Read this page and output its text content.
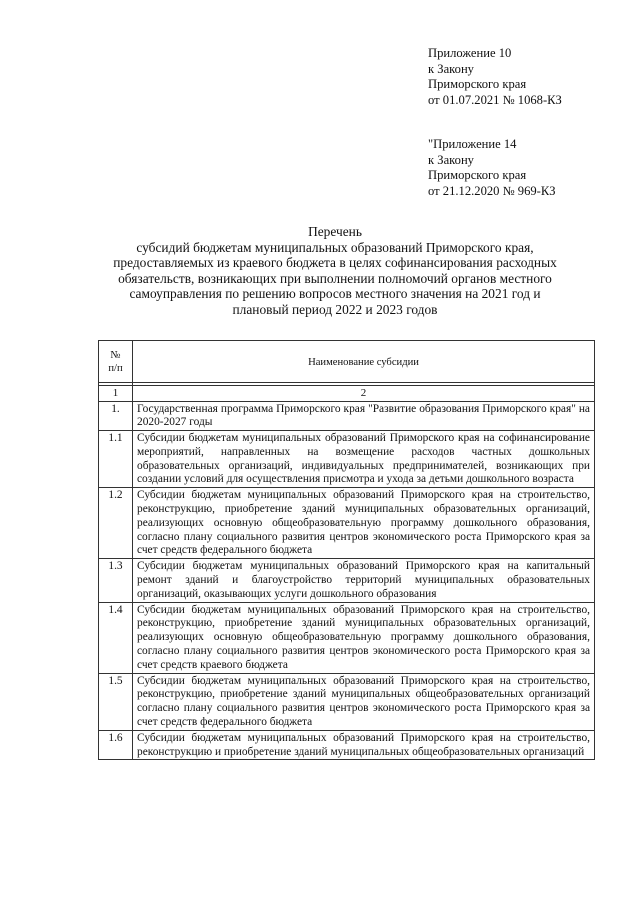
Приложение 10
к Закону
Приморского края
от 01.07.2021 № 1068-КЗ
"Приложение 14
к Закону
Приморского края
от 21.12.2020 № 969-КЗ
Перечень
субсидий бюджетам муниципальных образований Приморского края,
предоставляемых из краевого бюджета в целях софинансирования расходных
обязательств, возникающих при выполнении полномочий органов местного
самоуправления по решению вопросов местного значения на 2021 год и
плановый период 2022 и 2023 годов
№
п/п	Наименование субсидии

1	2
1.	Государственная программа Приморского края "Развитие образования Приморского края" на 2020-2027 годы
1.1	Субсидии бюджетам муниципальных образований Приморского края на софинансирование мероприятий, направленных на возмещение расходов частных дошкольных образовательных организаций, индивидуальных предпринимателей, возникающих при создании условий для осуществления присмотра и ухода за детьми дошкольного возраста
1.2	Субсидии бюджетам муниципальных образований Приморского края на строительство, реконструкцию, приобретение зданий муниципальных образовательных организаций, реализующих основную общеобразовательную программу дошкольного образования, согласно плану социального развития центров экономического роста Приморского края за счет средств федерального бюджета
1.3	Субсидии бюджетам муниципальных образований Приморского края на капитальный ремонт зданий и благоустройство территорий муниципальных образовательных организаций, оказывающих услуги дошкольного образования
1.4	Субсидии бюджетам муниципальных образований Приморского края на строительство, реконструкцию, приобретение зданий муниципальных образовательных организаций, реализующих основную общеобразовательную программу дошкольного образования, согласно плану социального развития центров экономического роста Приморского края за счет средств краевого бюджета
1.5	Субсидии бюджетам муниципальных образований Приморского края на строительство, реконструкцию, приобретение зданий муниципальных общеобразовательных организаций согласно плану социального развития центров экономического роста Приморского края за счет средств федерального бюджета
1.6	Субсидии бюджетам муниципальных образований Приморского края на строительство, реконструкцию и приобретение зданий муниципальных общеобразовательных организаций
